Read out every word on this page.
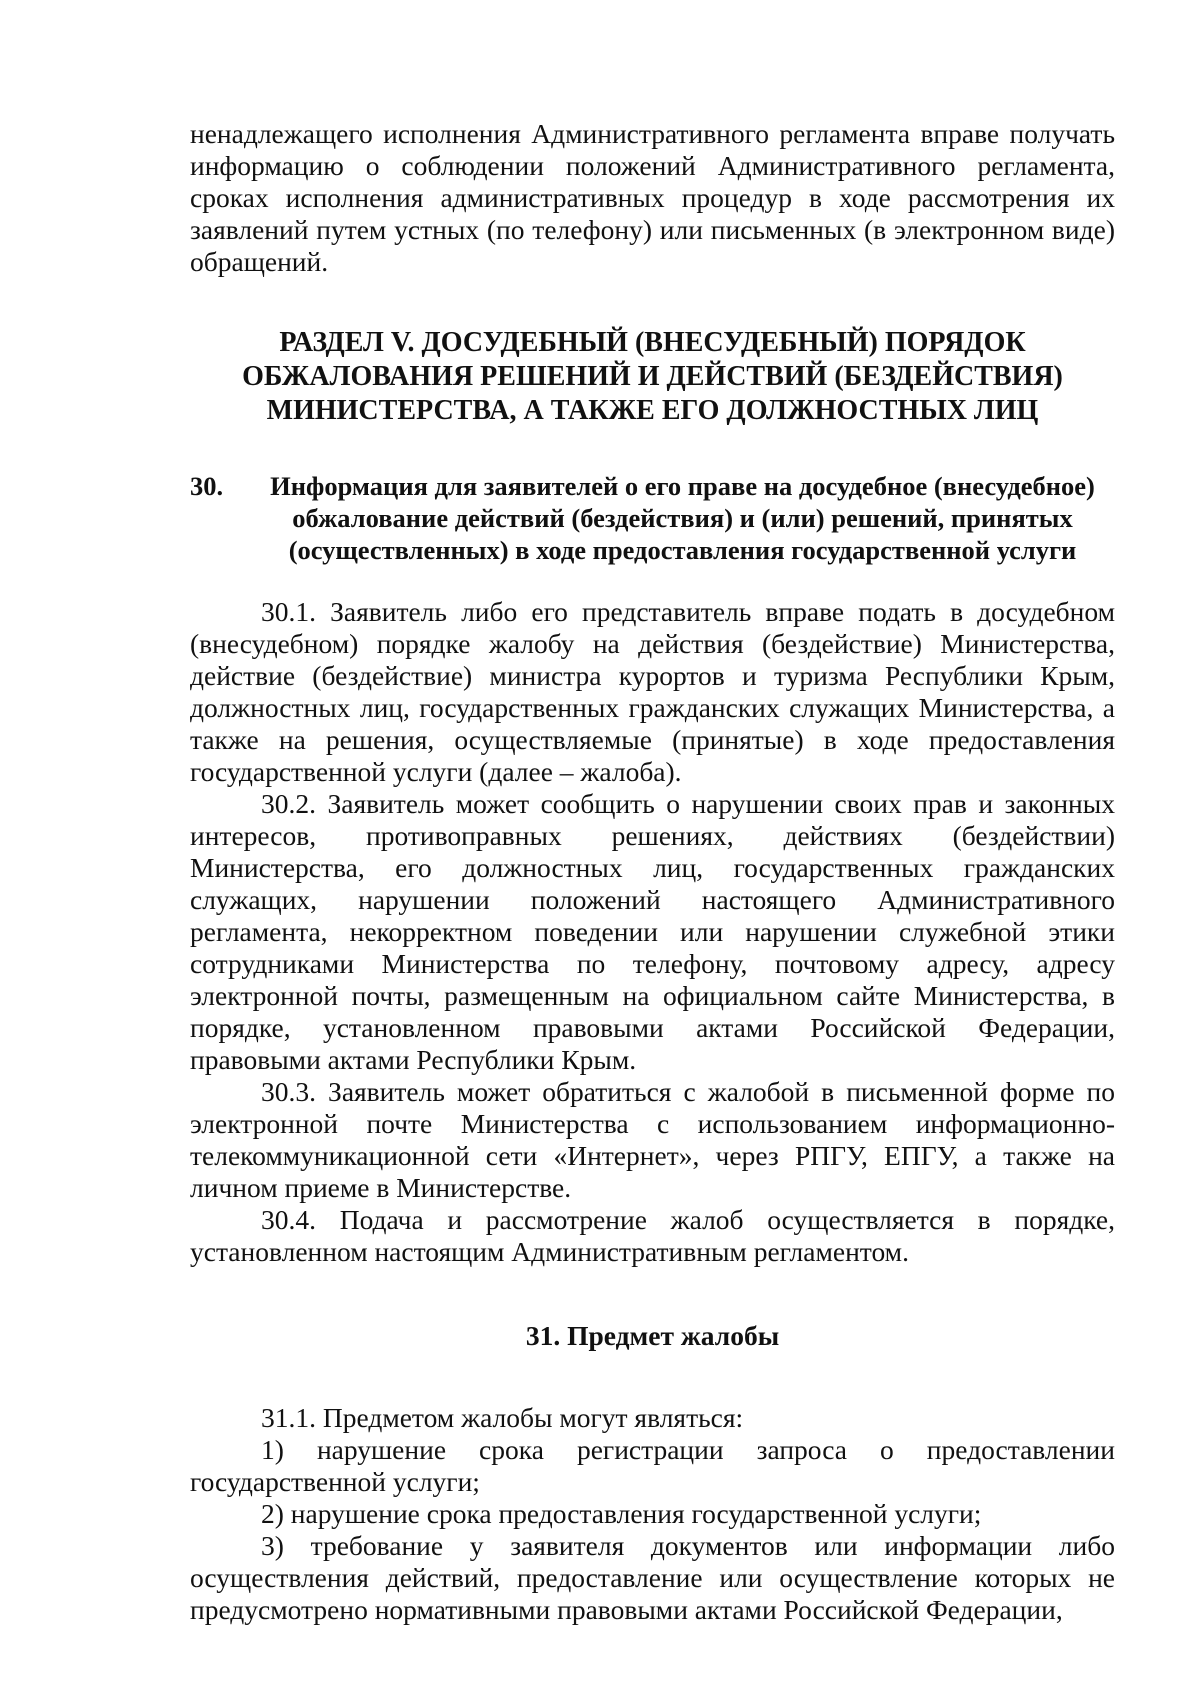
ненадлежащего исполнения Административного регламента вправе получать информацию о соблюдении положений Административного регламента, сроках исполнения административных процедур в ходе рассмотрения их заявлений путем устных (по телефону) или письменных (в электронном виде) обращений.

РАЗДЕЛ V. ДОСУДЕБНЫЙ (ВНЕСУДЕБНЫЙ) ПОРЯДОК
ОБЖАЛОВАНИЯ РЕШЕНИЙ И ДЕЙСТВИЙ (БЕЗДЕЙСТВИЯ)
МИНИСТЕРСТВА, А ТАКЖЕ ЕГО ДОЛЖНОСТНЫХ ЛИЦ
30.	Информация для заявителей о его праве на досудебное (внесудебное)
обжалование действий (бездействия) и (или) решений, принятых
(осуществленных) в ходе предоставления государственной услуги

30.1. Заявитель либо его представитель вправе подать в досудебном (внесудебном) порядке жалобу на действия (бездействие) Министерства, действие (бездействие) министра курортов и туризма Республики Крым, должностных лиц, государственных гражданских служащих Министерства, а также на решения, осуществляемые (принятые) в ходе предоставления государственной услуги (далее – жалоба).

30.2. Заявитель может сообщить о нарушении своих прав и законных интересов, противоправных решениях, действиях (бездействии) Министерства, его должностных лиц, государственных гражданских служащих, нарушении положений настоящего Административного регламента, некорректном поведении или нарушении служебной этики сотрудниками Министерства по телефону, почтовому адресу, адресу электронной почты, размещенным на официальном сайте Министерства, в порядке, установленном правовыми актами Российской Федерации, правовыми актами Республики Крым.

30.3. Заявитель может обратиться с жалобой в письменной форме по электронной почте Министерства с использованием информационно-телекоммуникационной сети «Интернет», через РПГУ, ЕПГУ, а также на личном приеме в Министерстве.

30.4. Подача и рассмотрение жалоб осуществляется в порядке, установленном настоящим Административным регламентом.

31. Предмет жалобы

31.1. Предметом жалобы могут являться:

1) нарушение срока регистрации запроса о предоставлении государственной услуги;

2) нарушение срока предоставления государственной услуги;

3) требование у заявителя документов или информации либо осуществления действий, предоставление или осуществление которых не предусмотрено нормативными правовыми актами Российской Федерации,
